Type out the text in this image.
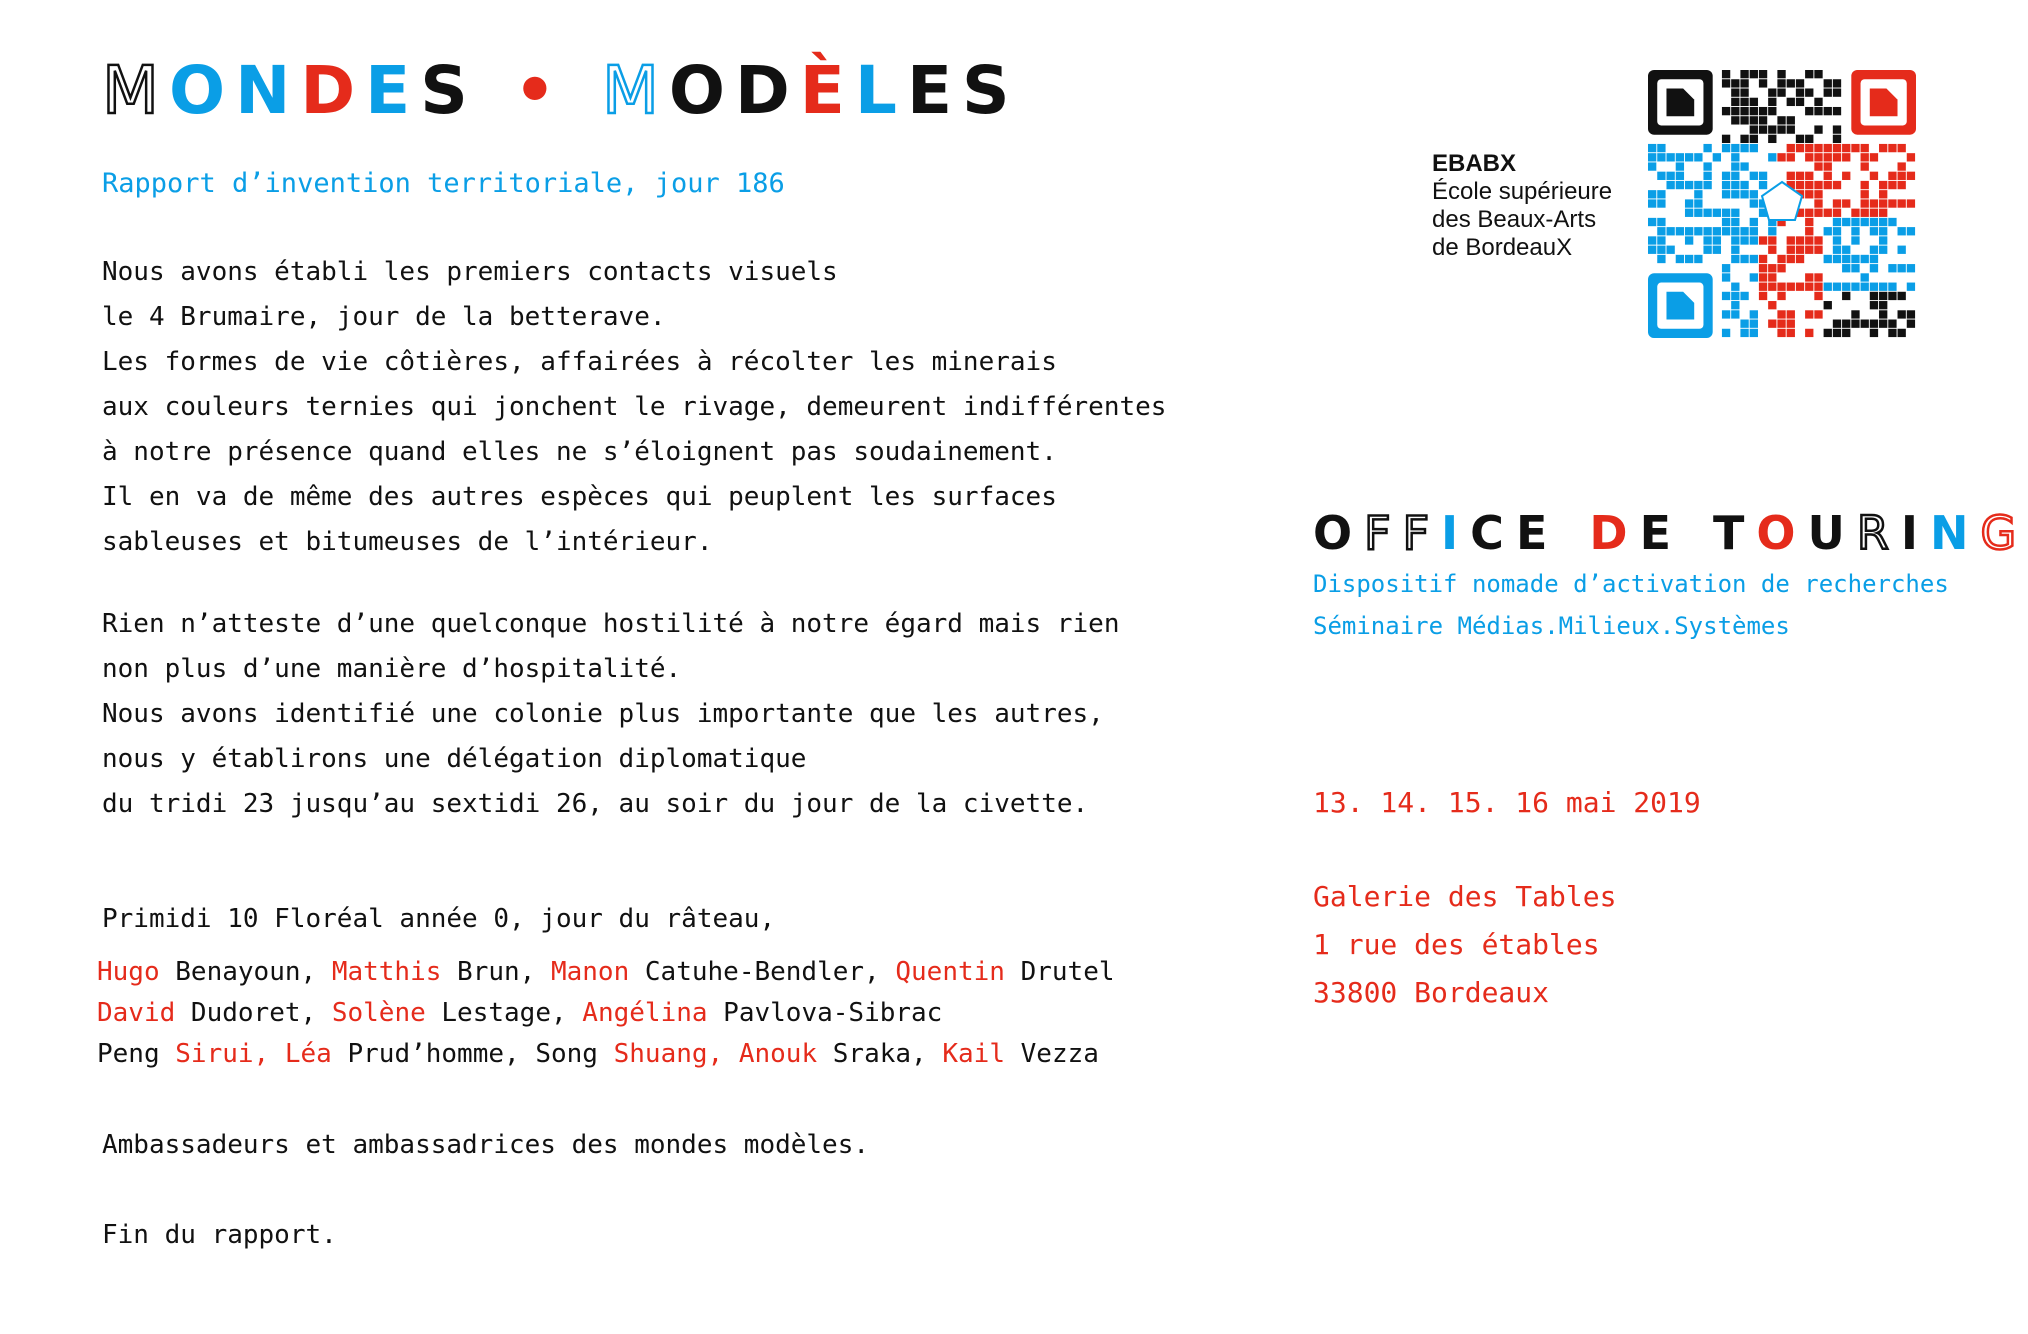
MONDES • MODÈLES
Rapport d’invention territoriale, jour 186
Nous avons établi les premiers contacts visuels
le 4 Brumaire, jour de la betterave.
Les formes de vie côtières, affairées à récolter les minerais
aux couleurs ternies qui jonchent le rivage, demeurent indifférentes
à notre présence quand elles ne s’éloignent pas soudainement.
Il en va de même des autres espèces qui peuplent les surfaces
sableuses et bitumeuses de l’intérieur.
Rien n’atteste d’une quelconque hostilité à notre égard mais rien
non plus d’une manière d’hospitalité.
Nous avons identifié une colonie plus importante que les autres,
nous y établirons une délégation diplomatique
du tridi 23 jusqu’au sextidi 26, au soir du jour de la civette.
Primidi 10 Floréal année 0, jour du râteau,
Hugo Benayoun, Matthis Brun, Manon Catuhe-Bendler, Quentin Drutel
David Dudoret, Solène Lestage, Angélina Pavlova-Sibrac
Peng Sirui, Léa Prud’homme, Song Shuang, Anouk Sraka, Kail Vezza
Ambassadeurs et ambassadrices des mondes modèles.
Fin du rapport.
EBABX
École supérieure
des Beaux-Arts
de BordeauX
OFFICE DE TOURING
Dispositif nomade d’activation de recherches
Séminaire Médias.Milieux.Systèmes
13. 14. 15. 16 mai 2019
Galerie des Tables
1 rue des étables
33800 Bordeaux
